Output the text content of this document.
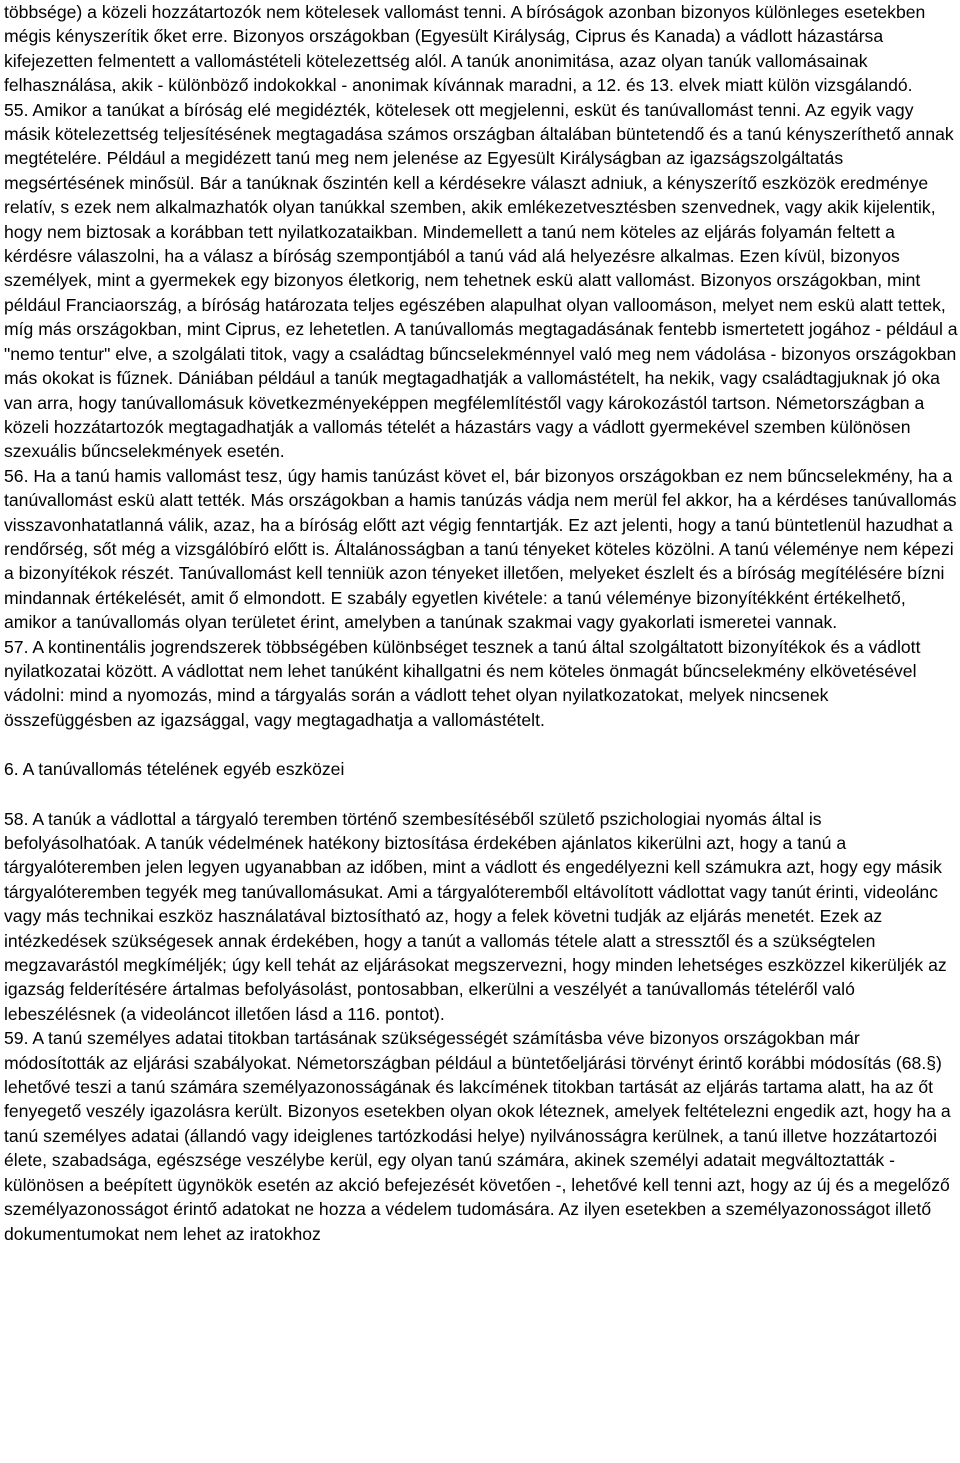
többsége) a közeli hozzátartozók nem kötelesek vallomást tenni. A bíróságok azonban bizonyos különleges esetekben mégis kényszerítik őket erre. Bizonyos országokban (Egyesült Királyság, Ciprus és Kanada) a vádlott házastársa kifejezetten felmentett a vallomástételi kötelezettség alól. A tanúk anonimitása, azaz olyan tanúk vallomásainak felhasználása, akik - különböző indokokkal - anonimak kívánnak maradni, a 12. és 13. elvek miatt külön vizsgálandó.

55. Amikor a tanúkat a bíróság elé megidézték, kötelesek ott megjelenni, esküt és tanúvallomást tenni. Az egyik vagy másik kötelezettség teljesítésének megtagadása számos országban általában büntetendő és a tanú kényszeríthető annak megtételére. Például a megidézett tanú meg nem jelenése az Egyesült Királyságban az igazságszolgáltatás megsértésének minősül. Bár a tanúknak őszintén kell a kérdésekre választ adniuk, a kényszerítő eszközök eredménye relatív, s ezek nem alkalmazhatók olyan tanúkkal szemben, akik emlékezetvesztésben szenvednek, vagy akik kijelentik, hogy nem biztosak a korábban tett nyilatkozataikban. Mindemellett a tanú nem köteles az eljárás folyamán feltett a kérdésre válaszolni, ha a válasz a bíróság szempontjából a tanú vád alá helyezésre alkalmas. Ezen kívül, bizonyos személyek, mint a gyermekek egy bizonyos életkorig, nem tehetnek eskü alatt vallomást. Bizonyos országokban, mint például Franciaország, a bíróság határozata teljes egészében alapulhat olyan valloomáson, melyet nem eskü alatt tettek, míg más országokban, mint Ciprus, ez lehetetlen. A tanúvallomás megtagadásának fentebb ismertetett jogához - például a "nemo tentur" elve, a szolgálati titok, vagy a családtag bűncselekménnyel való meg nem vádolása - bizonyos országokban más okokat is fűznek. Dániában például a tanúk megtagadhatják a vallomástételt, ha nekik, vagy családtagjuknak jó oka van arra, hogy tanúvallomásuk következményeképpen megfélemlítéstől vagy károkozástól tartson. Németországban a közeli hozzátartozók megtagadhatják a vallomás tételét a házastárs vagy a vádlott gyermekével szemben különösen szexuális bűncselekmények esetén.

56. Ha a tanú hamis vallomást tesz, úgy hamis tanúzást követ el, bár bizonyos országokban ez nem bűncselekmény, ha a tanúvallomást eskü alatt tették. Más országokban a hamis tanúzás vádja nem merül fel akkor, ha a kérdéses tanúvallomás visszavonhatatlanná válik, azaz, ha a bíróság előtt azt végig fenntartják. Ez azt jelenti, hogy a tanú büntetlenül hazudhat a rendőrség, sőt még a vizsgálóbíró előtt is. Általánosságban a tanú tényeket köteles közölni. A tanú véleménye nem képezi a bizonyítékok részét. Tanúvallomást kell tenniük azon tényeket illetően, melyeket észlelt és a bíróság megítélésére bízni mindannak értékelését, amit ő elmondott. E szabály egyetlen kivétele: a tanú véleménye bizonyítékként értékelhető, amikor a tanúvallomás olyan területet érint, amelyben a tanúnak szakmai vagy gyakorlati ismeretei vannak.

57. A kontinentális jogrendszerek többségében különbséget tesznek a tanú által szolgáltatott bizonyítékok és a vádlott nyilatkozatai között. A vádlottat nem lehet tanúként kihallgatni és nem köteles önmagát bűncselekmény elkövetésével vádolni: mind a nyomozás, mind a tárgyalás során a vádlott tehet olyan nyilatkozatokat, melyek nincsenek összefüggésben az igazsággal, vagy megtagadhatja a vallomástételt.

6. A tanúvallomás tételének egyéb eszközei

58. A tanúk a vádlottal a tárgyaló teremben történő szembesítéséből születő pszichologiai nyomás által is befolyásolhatóak. A tanúk védelmének hatékony biztosítása érdekében ajánlatos kikerülni azt, hogy a tanú a tárgyalóteremben jelen legyen ugyanabban az időben, mint a vádlott és engedélyezni kell számukra azt, hogy egy másik tárgyalóteremben tegyék meg tanúvallomásukat. Ami a tárgyalóteremből eltávolított vádlottat vagy tanút érinti, videolánc vagy más technikai eszköz használatával biztosítható az, hogy a felek követni tudják az eljárás menetét. Ezek az intézkedések szükségesek annak érdekében, hogy a tanút a vallomás tétele alatt a stresszt​ől és a szükségtelen megzavarástól megkíméljék; úgy kell tehát az eljárásokat megszervezni, hogy minden lehetséges eszközzel kikerüljék az igazság felderítésére ártalmas befolyásolást, pontosabban, elkerülni a veszélyét a tanúvallomás tételéről való lebeszélésnek (a videoláncot illetően lásd a 116. pontot).

59. A tanú személyes adatai titokban tartásának szükségességét számításba véve bizonyos országokban már módosították az eljárási szabályokat. Németországban például a büntetőeljárási törvényt érintő korábbi módosítás (68.§) lehetővé teszi a tanú számára személyazonosságának és lakcímének titokban tartását az eljárás tartama alatt, ha az őt fenyegető veszély igazolásra került. Bizonyos esetekben olyan okok léteznek, amelyek feltételezni engedik azt, hogy ha a tanú személyes adatai (állandó vagy ideiglenes tartózkodási helye) nyilvánosságra kerülnek, a tanú illetve hozzátartozói élete, szabadsága, egészsége veszélybe kerül, egy olyan tanú számára, akinek személyi adatait megváltoztatták - különösen a beépített ügynökök esetén az akció befejezését követően -, lehetővé kell tenni azt, hogy az új és a megelőző személyazonosságot érintő adatokat ne hozza a védelem tudomására. Az ilyen esetekben a személyazonosságot illető dokumentumokat nem lehet az iratokhoz
